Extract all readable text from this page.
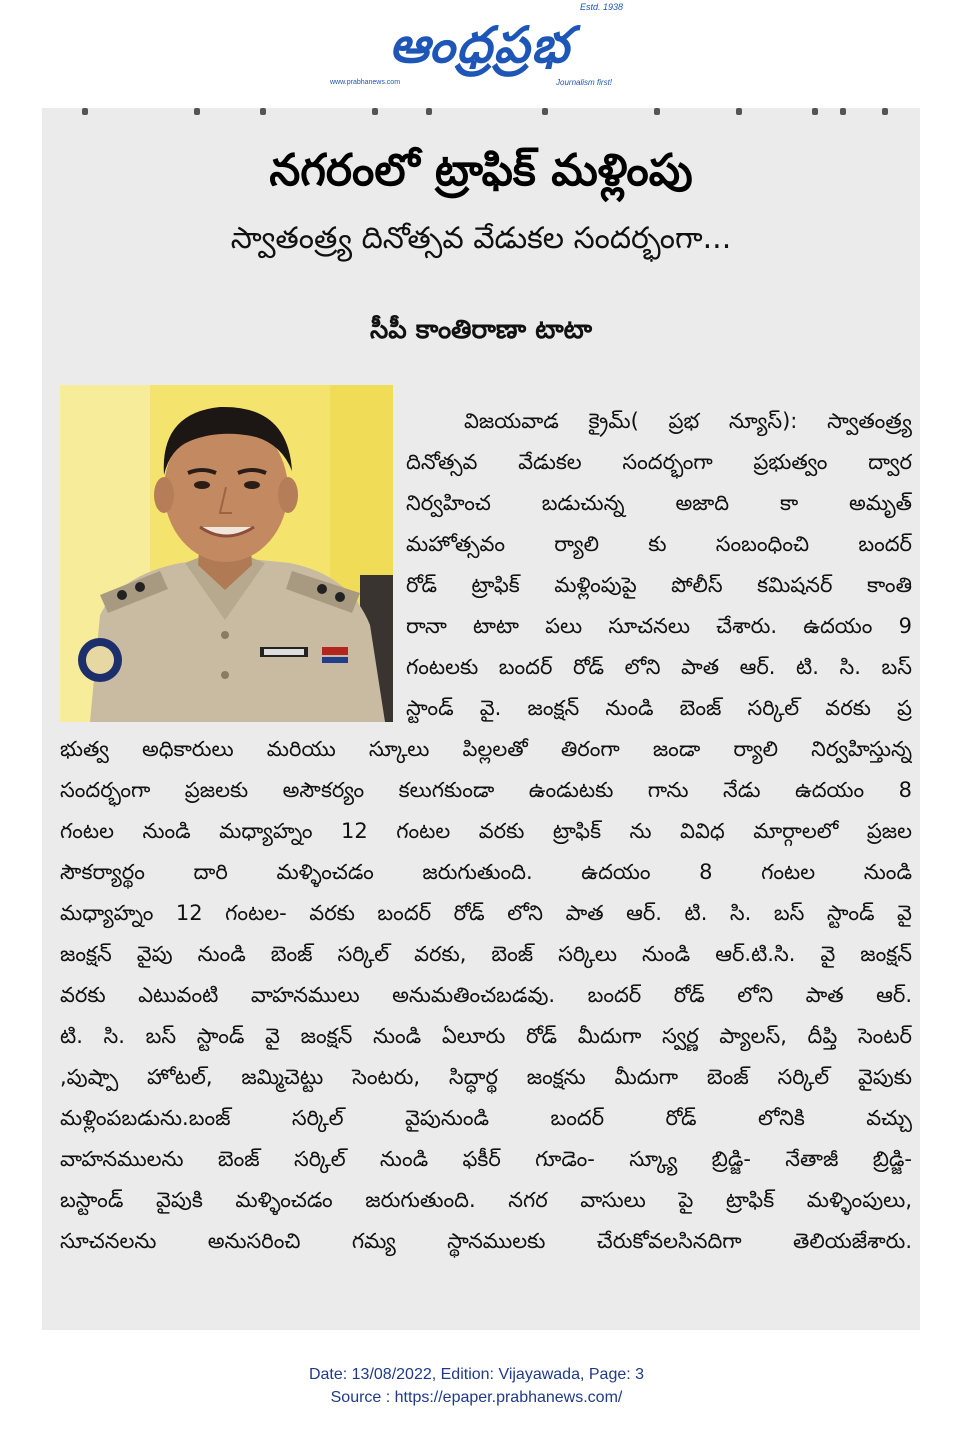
Estd. 1938
ఆంధ్రప్రభ
www.prabhanews.com	Journalism first!
నగరంలో ట్రాఫిక్ మళ్లింపు
స్వాతంత్ర్య దినోత్సవ వేడుకల సందర్భంగా...
సీపీ కాంతిరాణా టాటా
విజయవాడ క్రైమ్( ప్రభ న్యూస్): స్వాతంత్ర్య
దినోత్సవ వేడుకల సందర్భంగా ప్రభుత్వం ద్వార
నిర్వహించ బడుచున్న అజాది కా అమృత్
మహోత్సవం ర్యాలి కు సంబంధించి బందర్
రోడ్ ట్రాఫిక్ మళ్లింపుపై పోలీస్ కమిషనర్ కాంతి
రానా టాటా పలు సూచనలు చేశారు. ఉదయం 9
గంటలకు బందర్ రోడ్ లోని పాత ఆర్. టి. సి. బస్
స్టాండ్ వై. జంక్షన్ నుండి బెంజ్ సర్కిల్ వరకు ప్ర
భుత్వ అధికారులు మరియు స్కూలు పిల్లలతో తిరంగా జండా ర్యాలి నిర్వహిస్తున్న
సందర్భంగా ప్రజలకు అసౌకర్యం కలుగకుండా ఉండుటకు గాను నేడు ఉదయం 8
గంటల నుండి మధ్యాహ్నం 12 గంటల వరకు ట్రాఫిక్ ను వివిధ మార్గాలలో ప్రజల
సౌకర్యార్థం దారి మళ్ళించడం జరుగుతుంది. ఉదయం 8 గంటల నుండి
మధ్యాహ్నం 12 గంటల- వరకు బందర్ రోడ్ లోని పాత ఆర్. టి. సి. బస్ స్టాండ్ వై
జంక్షన్ వైపు నుండి బెంజ్ సర్కిల్ వరకు, బెంజ్ సర్కిలు నుండి ఆర్.టి.సి. వై జంక్షన్
వరకు ఎటువంటి వాహనములు అనుమతించబడవు. బందర్ రోడ్ లోని పాత ఆర్.
టి. సి. బస్ స్టాండ్ వై జంక్షన్ నుండి ఏలూరు రోడ్ మీదుగా స్వర్ణ ప్యాలస్, దీప్తి సెంటర్
,పుష్పా హోటల్, జమ్మిచెట్టు సెంటరు, సిద్ధార్థ జంక్షను మీదుగా బెంజ్ సర్కిల్ వైపుకు
మళ్లింపబడును.బంజ్ సర్కిల్ వైపునుండి బందర్ రోడ్ లోనికి వచ్చు
వాహనములను బెంజ్ సర్కిల్ నుండి ఫకీర్ గూడెం- స్క్యూ బ్రిడ్జి- నేతాజీ బ్రిడ్జి-
బస్టాండ్ వైపుకి మళ్ళించడం జరుగుతుంది. నగర వాసులు పై ట్రాఫిక్ మళ్ళింపులు,
సూచనలను అనుసరించి గమ్య స్థానములకు చేరుకోవలసినదిగా తెలియజేశారు.
Date: 13/08/2022, Edition: Vijayawada, Page: 3
Source : https://epaper.prabhanews.com/
